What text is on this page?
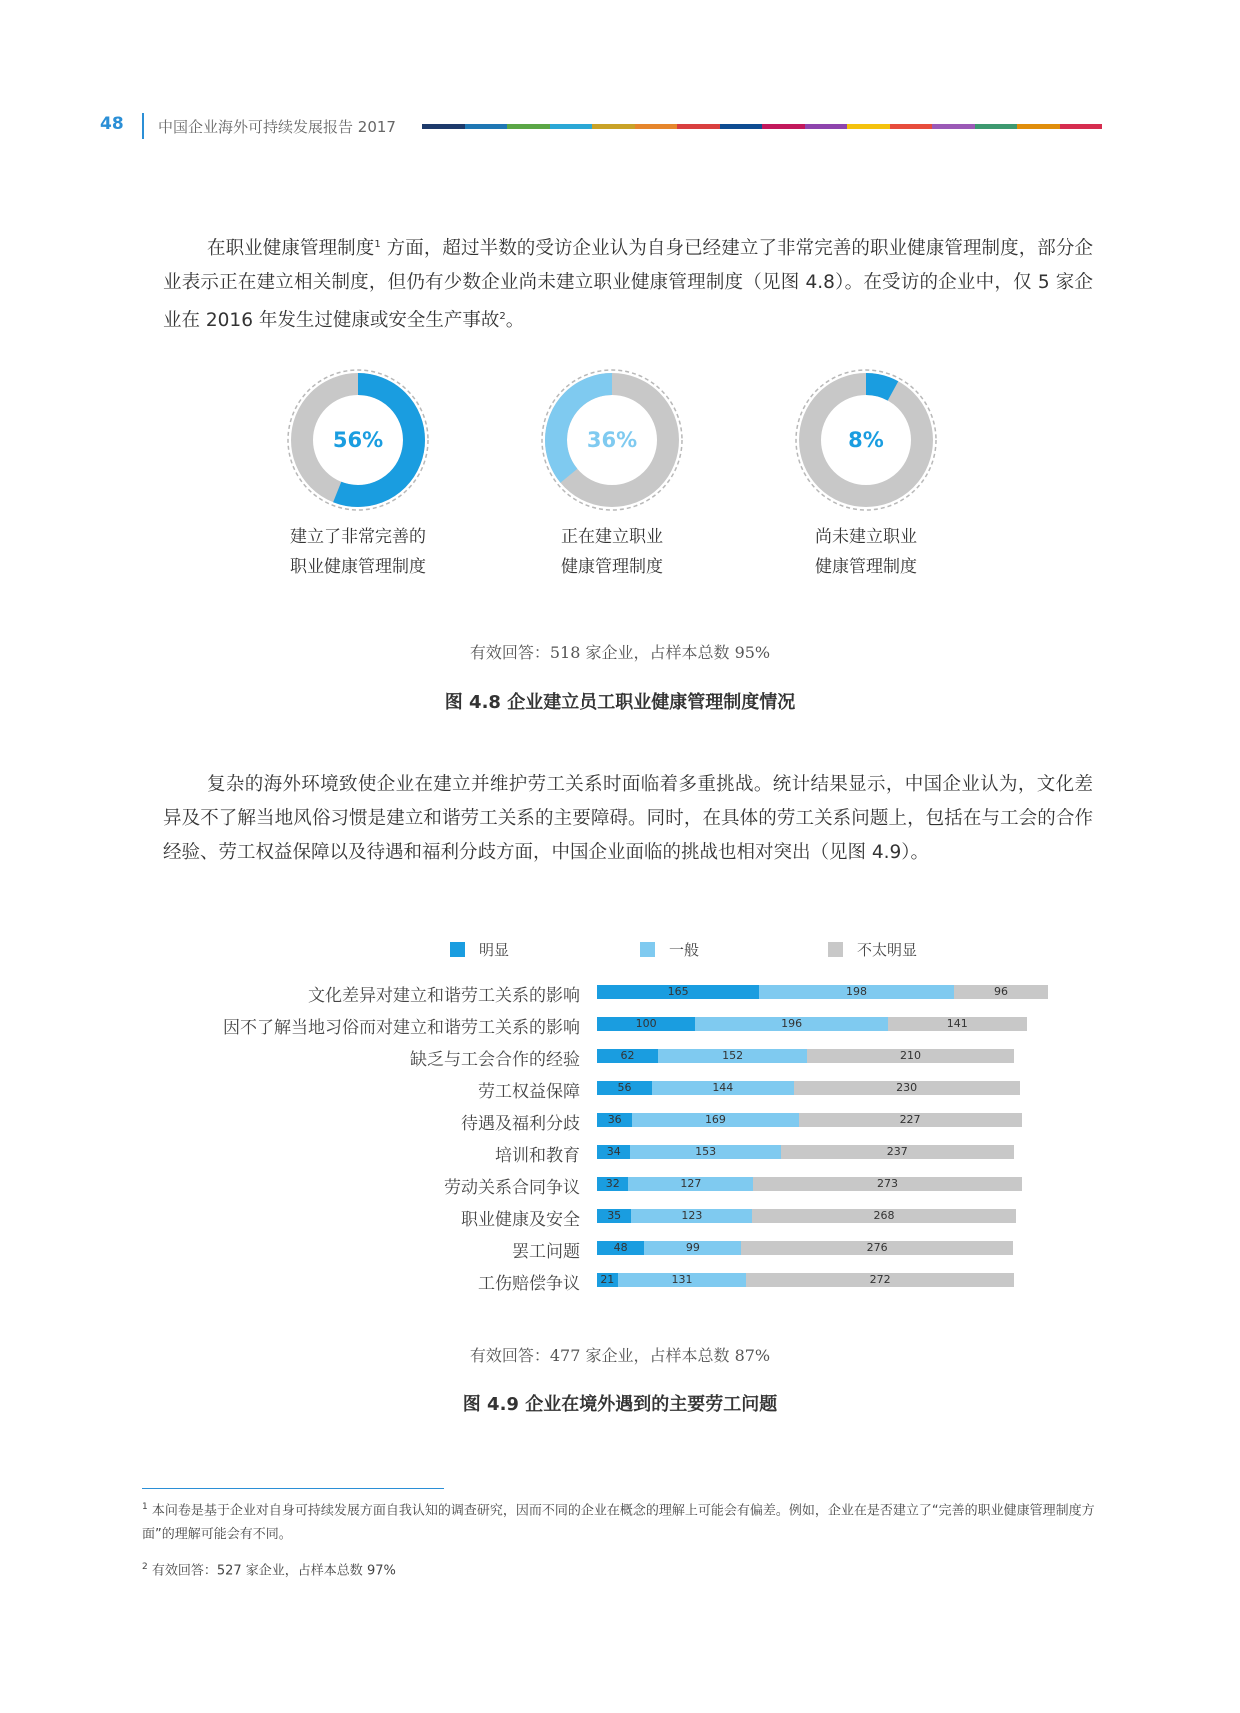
48 中国企业海外可持续发展报告 2017
在职业健康管理制度$^1$ 方面，超过半数的受访企业认为自身已经建立了非常完善的职业健康管理制度，部分企业表示正在建立相关制度，但仍有少数企业尚未建立职业健康管理制度（见图 4.8）。在受访的企业中，仅 5 家企业在 2016 年发生过健康或安全生产事故$^2$。
56%
建立了非常完善的
职业健康管理制度
36%
正在建立职业
健康管理制度
8%
尚未建立职业
健康管理制度
有效回答：518 家企业，占样本总数 95%
图 4.8 企业建立员工职业健康管理制度情况
复杂的海外环境致使企业在建立并维护劳工关系时面临着多重挑战。统计结果显示，中国企业认为，文化差异及不了解当地风俗习惯是建立和谐劳工关系的主要障碍。同时，在具体的劳工关系问题上，包括在与工会的合作经验、劳工权益保障以及待遇和福利分歧方面，中国企业面临的挑战也相对突出（见图 4.9）。
明显	一般	不太明显
文化差异对建立和谐劳工关系的影响	165	198	96
因不了解当地习俗而对建立和谐劳工关系的影响	100	196	141
缺乏与工会合作的经验	62	152	210
劳工权益保障	56	144	230
待遇及福利分歧	36	169	227
培训和教育	34	153	237
劳动关系合同争议	32	127	273
职业健康及安全	35	123	268
罢工问题	48	99	276
工伤赔偿争议	21	131	272
有效回答：477 家企业，占样本总数 87%
图 4.9 企业在境外遇到的主要劳工问题
$^1$ 本问卷是基于企业对自身可持续发展方面自我认知的调查研究，因而不同的企业在概念的理解上可能会有偏差。例如，企业在是否建立了“完善的职业健康管理制度方面”的理解可能会有不同。
$^2$ 有效回答：527 家企业，占样本总数 97%
